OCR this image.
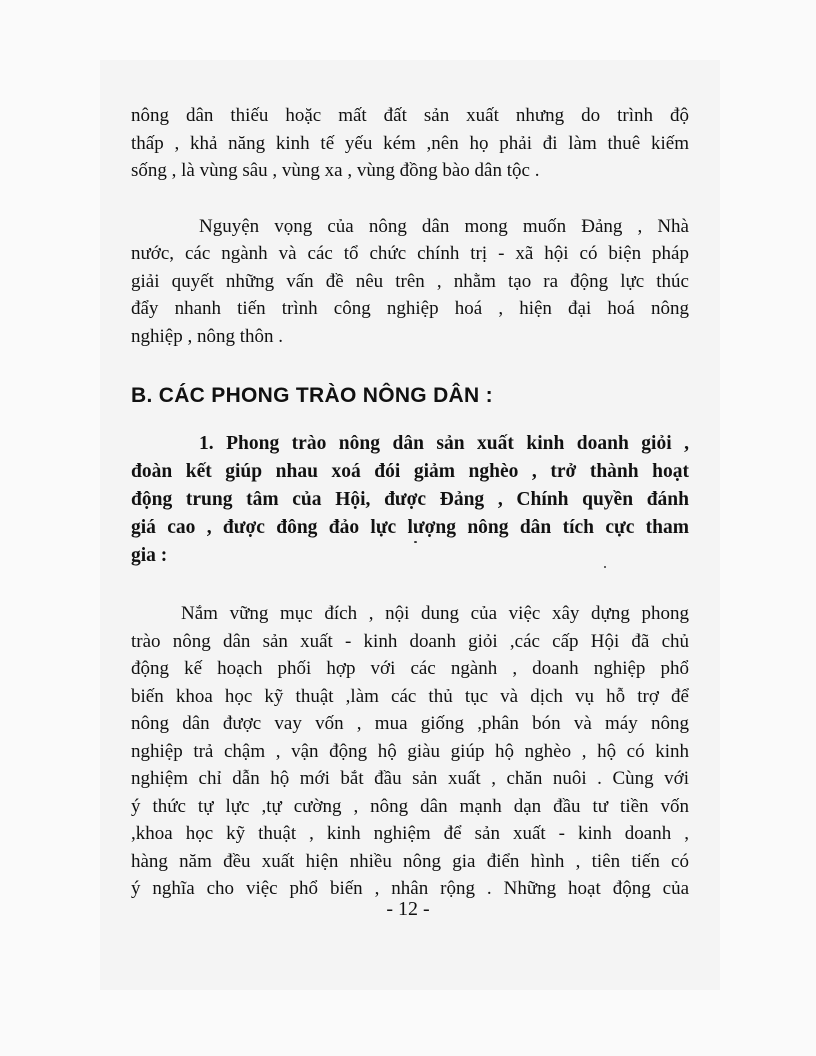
nông dân thiếu hoặc mất đất sản xuất nhưng do trình độ
thấp , khả năng kinh tế yếu kém ,nên họ phải đi làm thuê kiếm
sống , là vùng sâu , vùng xa , vùng đồng bào dân tộc .

Nguyện vọng của nông dân mong muốn Đảng , Nhà
nước, các ngành và các tổ chức chính trị - xã hội có biện pháp
giải quyết những vấn đề nêu trên , nhằm tạo ra động lực thúc
đẩy nhanh tiến trình công nghiệp hoá , hiện đại hoá nông
nghiệp , nông thôn .

B. CÁC PHONG TRÀO NÔNG DÂN :
1. Phong trào nông dân sản xuất kinh doanh giỏi ,
đoàn kết giúp nhau xoá đói giảm nghèo , trở thành hoạt
động trung tâm của Hội, được Đảng , Chính quyền đánh
giá cao , được đông đảo lực lượng nông dân tích cực tham
gia :

Nắm vững mục đích , nội dung của việc xây dựng phong
trào nông dân sản xuất - kinh doanh giỏi ,các cấp Hội đã chủ
động kế hoạch phối hợp với các ngành , doanh nghiệp phổ
biến khoa học kỹ thuật ,làm các thủ tục và dịch vụ hỗ trợ để
nông dân được vay vốn , mua giống ,phân bón và máy nông
nghiệp trả chậm , vận động hộ giàu giúp hộ nghèo , hộ có kinh
nghiệm chỉ dẫn hộ mới bắt đầu sản xuất , chăn nuôi . Cùng với
ý thức tự lực ,tự cường , nông dân mạnh dạn đầu tư tiền vốn
,khoa học kỹ thuật , kinh nghiệm để sản xuất - kinh doanh ,
hàng năm đều xuất hiện nhiều nông gia điển hình , tiên tiến có
ý nghĩa cho việc phổ biến , nhân rộng . Những hoạt động của

- 12 -
